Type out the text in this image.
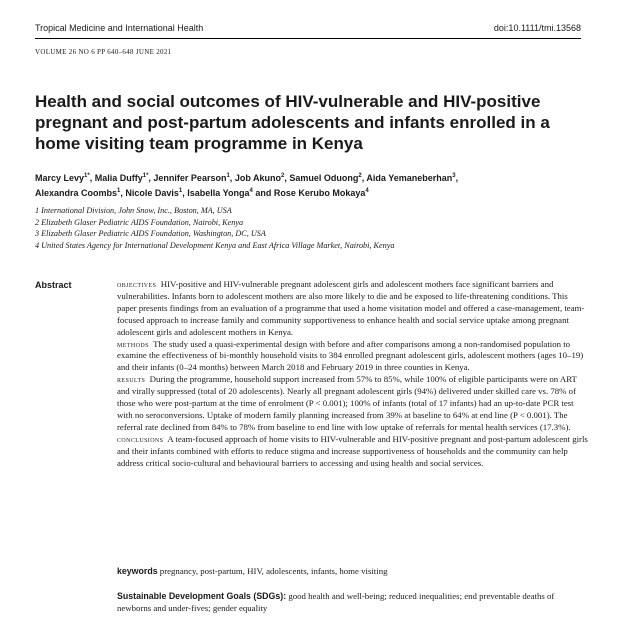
Tropical Medicine and International Health	doi:10.1111/tmi.13568
VOLUME 26 NO 6 PP 640–648 JUNE 2021
Health and social outcomes of HIV-vulnerable and HIV-positive pregnant and post-partum adolescents and infants enrolled in a home visiting team programme in Kenya
Marcy Levy$^{1*}$, Malia Duffy$^{1*}$, Jennifer Pearson$^1$, Job Akuno$^2$, Samuel Oduong$^2$, Aida Yemaneberhan$^3$,
Alexandra Coombs$^1$, Nicole Davis$^1$, Isabella Yonga$^4$ and Rose Kerubo Mokaya$^4$
1 International Division, John Snow, Inc., Boston, MA, USA
2 Elizabeth Glaser Pediatric AIDS Foundation, Nairobi, Kenya
3 Elizabeth Glaser Pediatric AIDS Foundation, Washington, DC, USA
4 United States Agency for International Development Kenya and East Africa Village Market, Nairobi, Kenya
Abstract	objectives HIV-positive and HIV-vulnerable pregnant adolescent girls and adolescent mothers face significant barriers and vulnerabilities. Infants born to adolescent mothers are also more likely to die and be exposed to life-threatening conditions. This paper presents findings from an evaluation of a programme that used a home visitation model and offered a case-management, team-focused approach to increase family and community supportiveness to enhance health and social service uptake among pregnant adolescent girls and adolescent mothers in Kenya.

methods The study used a quasi-experimental design with before and after comparisons among a non-randomised population to examine the effectiveness of bi-monthly household visits to 384 enrolled pregnant adolescent girls, adolescent mothers (ages 10–19) and their infants (0–24 months) between March 2018 and February 2019 in three counties in Kenya.

results During the programme, household support increased from 57% to 85%, while 100% of eligible participants were on ART and virally suppressed (total of 20 adolescents). Nearly all pregnant adolescent girls (94%) delivered under skilled care vs. 78% of those who were post-partum at the time of enrolment (P < 0.001); 100% of infants (total of 17 infants) had an up-to-date PCR test with no seroconversions. Uptake of modern family planning increased from 39% at baseline to 64% at end line (P < 0.001). The referral rate declined from 84% to 78% from baseline to end line with low uptake of referrals for mental health services (17.3%).

conclusions A team-focused approach of home visits to HIV-vulnerable and HIV-positive pregnant and post-partum adolescent girls and their infants combined with efforts to reduce stigma and increase supportiveness of households and the community can help address critical socio-cultural and behavioural barriers to accessing and using health and social services.

keywords pregnancy, post-partum, HIV, adolescents, infants, home visiting
Sustainable Development Goals (SDGs): good health and well-being; reduced inequalities; end preventable deaths of newborns and under-fives; gender equality
